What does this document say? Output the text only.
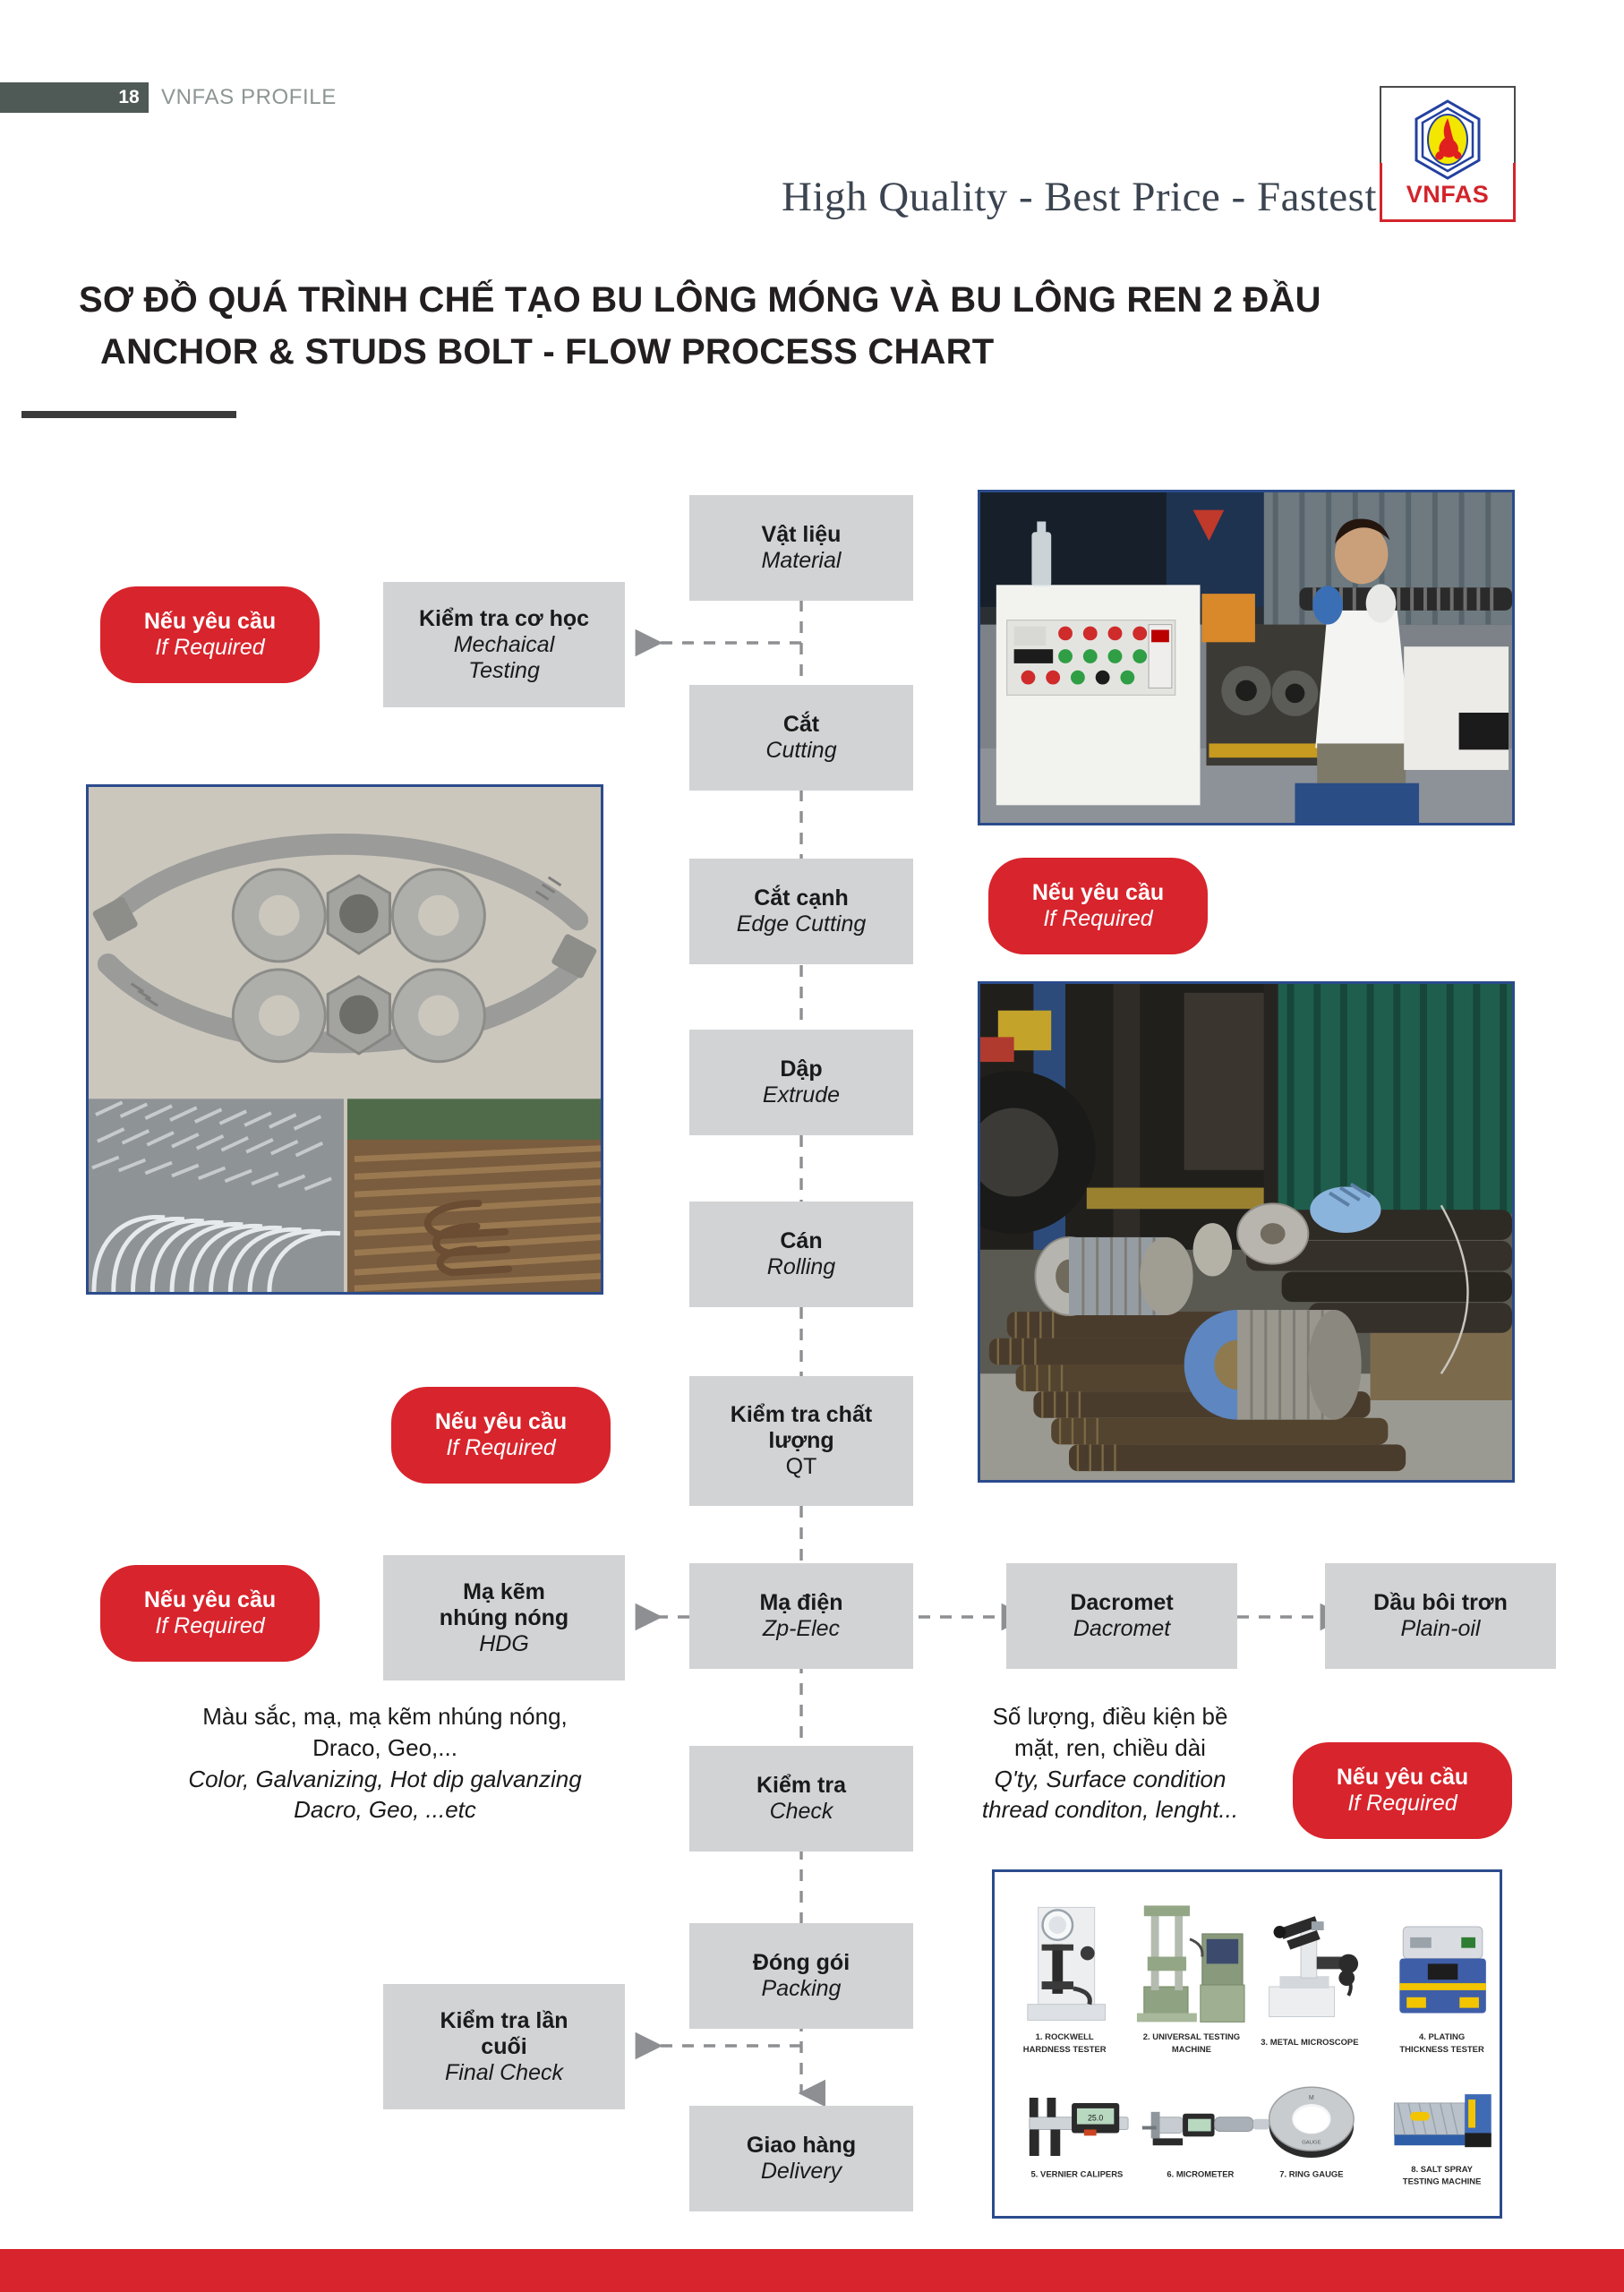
18	VNFAS PROFILE
High Quality - Best Price - Fastest	VNFAS
SƠ ĐỒ QUÁ TRÌNH CHẾ TẠO BU LÔNG MÓNG VÀ BU LÔNG REN 2 ĐẦU
ANCHOR & STUDS BOLT - FLOW PROCESS CHART
Vật liệu
Material
Cắt
Cutting
Cắt cạnh
Edge Cutting
Dập
Extrude
Cán
Rolling
Kiểm tra chất
lượng
QT
Mạ điện
Zp-Elec
Kiểm tra
Check
Đóng gói
Packing
Giao hàng
Delivery
Kiểm tra cơ học
Mechaical
Testing
Mạ kẽm
nhúng nóng
HDG
Dacromet
Dacromet
Dầu bôi trơn
Plain-oil
Kiểm tra lần
cuối
Final Check
Nếu yêu cầu
If Required
Nếu yêu cầu
If Required
Nếu yêu cầu
If Required
Nếu yêu cầu
If Required
Nếu yêu cầu
If Required
Màu sắc, mạ, mạ kẽm nhúng nóng,
Draco, Geo,...
Color, Galvanizing, Hot dip galvanzing
Dacro, Geo, ...etc
Số lượng, điều kiện bề
mặt, ren, chiều dài
Q'ty, Surface condition
thread conditon, lenght...
1. ROCKWELL
HARDNESS TESTER
2. UNIVERSAL TESTING
MACHINE
3. METAL MICROSCOPE
4. PLATING
THICKNESS TESTER
25.0
M
GAUGE
5. VERNIER CALIPERS	6. MICROMETER	7. RING GAUGE
8. SALT SPRAY
TESTING MACHINE
